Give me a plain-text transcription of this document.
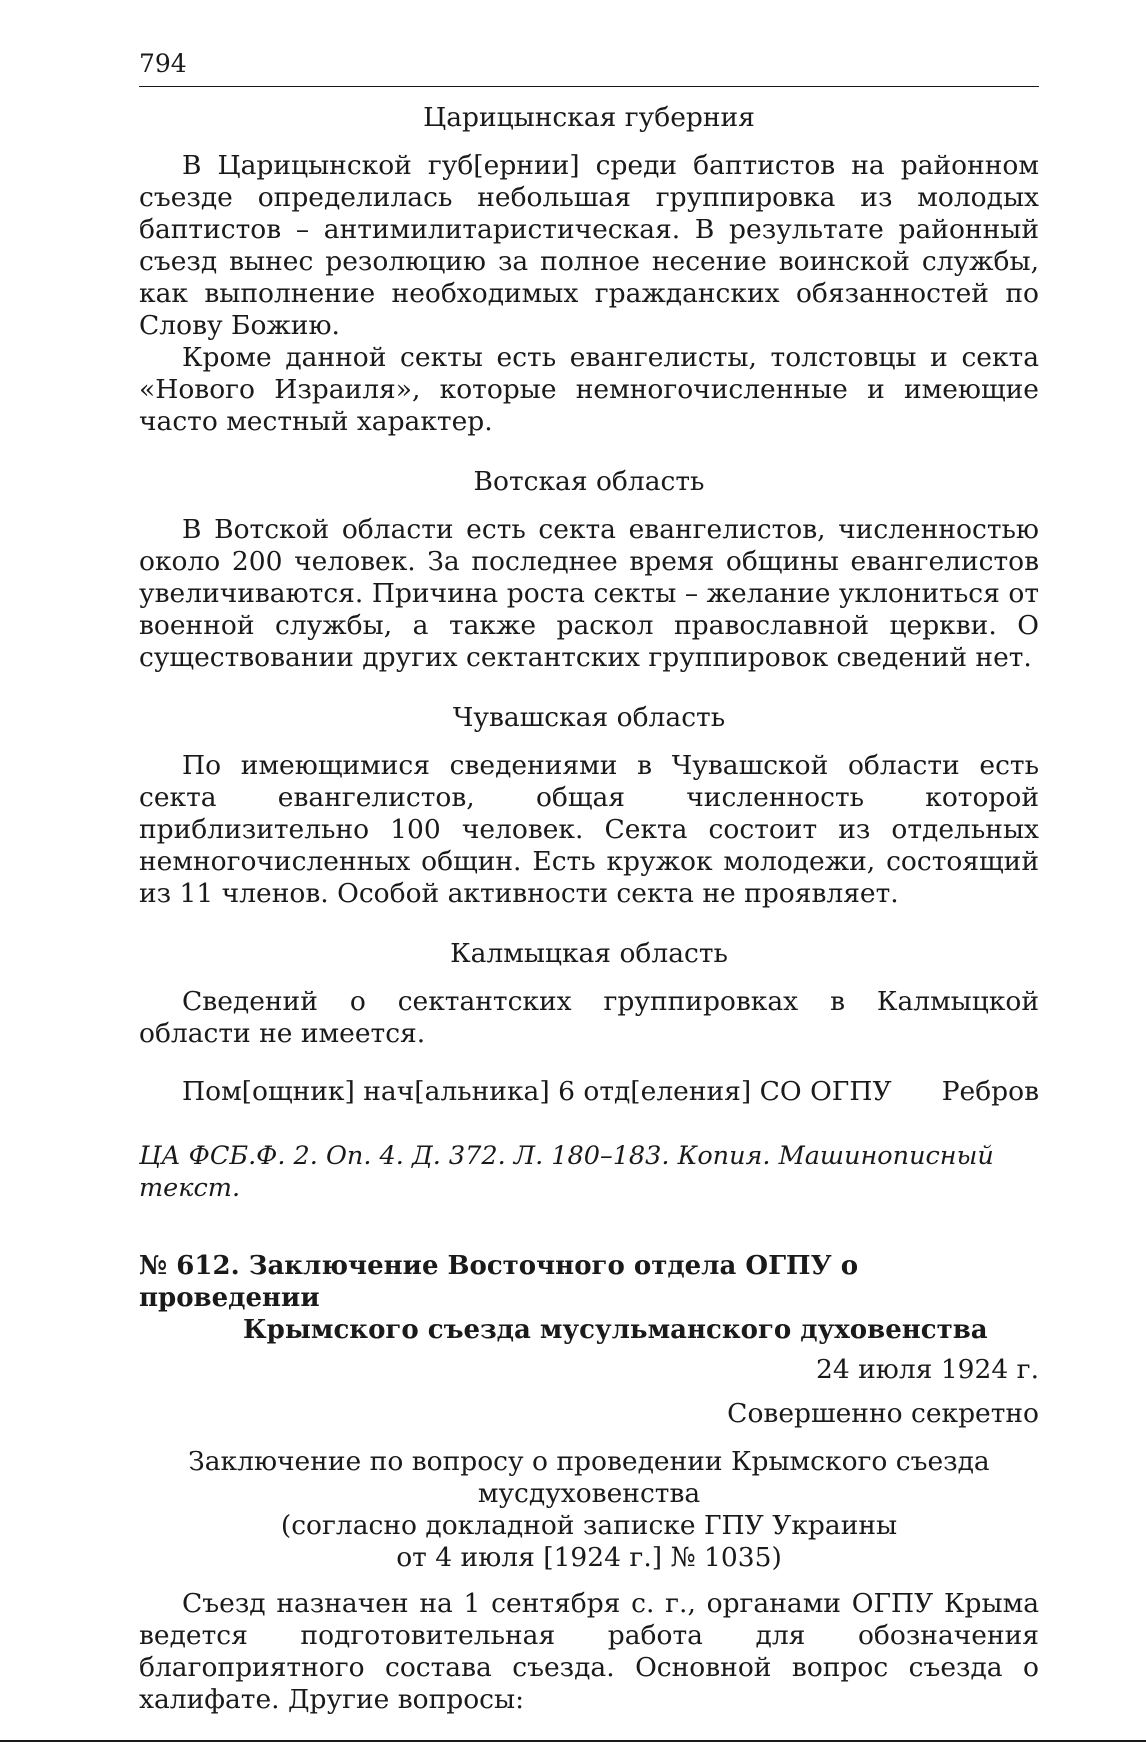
794
Царицынская губерния

В Царицынской губ[ернии] среди баптистов на районном съезде определилась небольшая группировка из молодых баптистов – антимилитаристическая. В результате районный съезд вынес резолюцию за полное несение воинской службы, как выполнение необходимых гражданских обязанностей по Слову Божию.

Кроме данной секты есть евангелисты, толстовцы и секта «Нового Израиля», которые немногочисленные и имеющие часто местный характер.

Вотская область

В Вотской области есть секта евангелистов, численностью около 200 человек. За последнее время общины евангелистов увеличиваются. Причина роста секты – желание уклониться от военной службы, а также раскол православной церкви. О существовании других сектантских группировок сведений нет.

Чувашская область

По имеющимися сведениями в Чувашской области есть секта евангелистов, общая численность которой приблизительно 100 человек. Секта состоит из отдельных немногочисленных общин. Есть кружок молодежи, состоящий из 11 членов. Особой активности секта не проявляет.

Калмыцкая область

Сведений о сектантских группировках в Калмыцкой области не имеется.

Пом[ощник] нач[альника] 6 отд[еления] СО ОГПУ Ребров
ЦА ФСБ.Ф. 2. Оп. 4. Д. 372. Л. 180–183. Копия. Машинописный текст.
№ 612. Заключение Восточного отдела ОГПУ о проведении
Крымского съезда мусульманского духовенства
24 июля 1924 г.
Совершенно секретно
Заключение по вопросу о проведении Крымского съезда
мусдуховенства
(согласно докладной записке ГПУ Украины
от 4 июля [1924 г.] № 1035)

Съезд назначен на 1 сентября с. г., органами ОГПУ Крыма ведется подготовительная работа для обозначения благоприятного состава съезда. Основной вопрос съезда о халифате. Другие вопросы:
